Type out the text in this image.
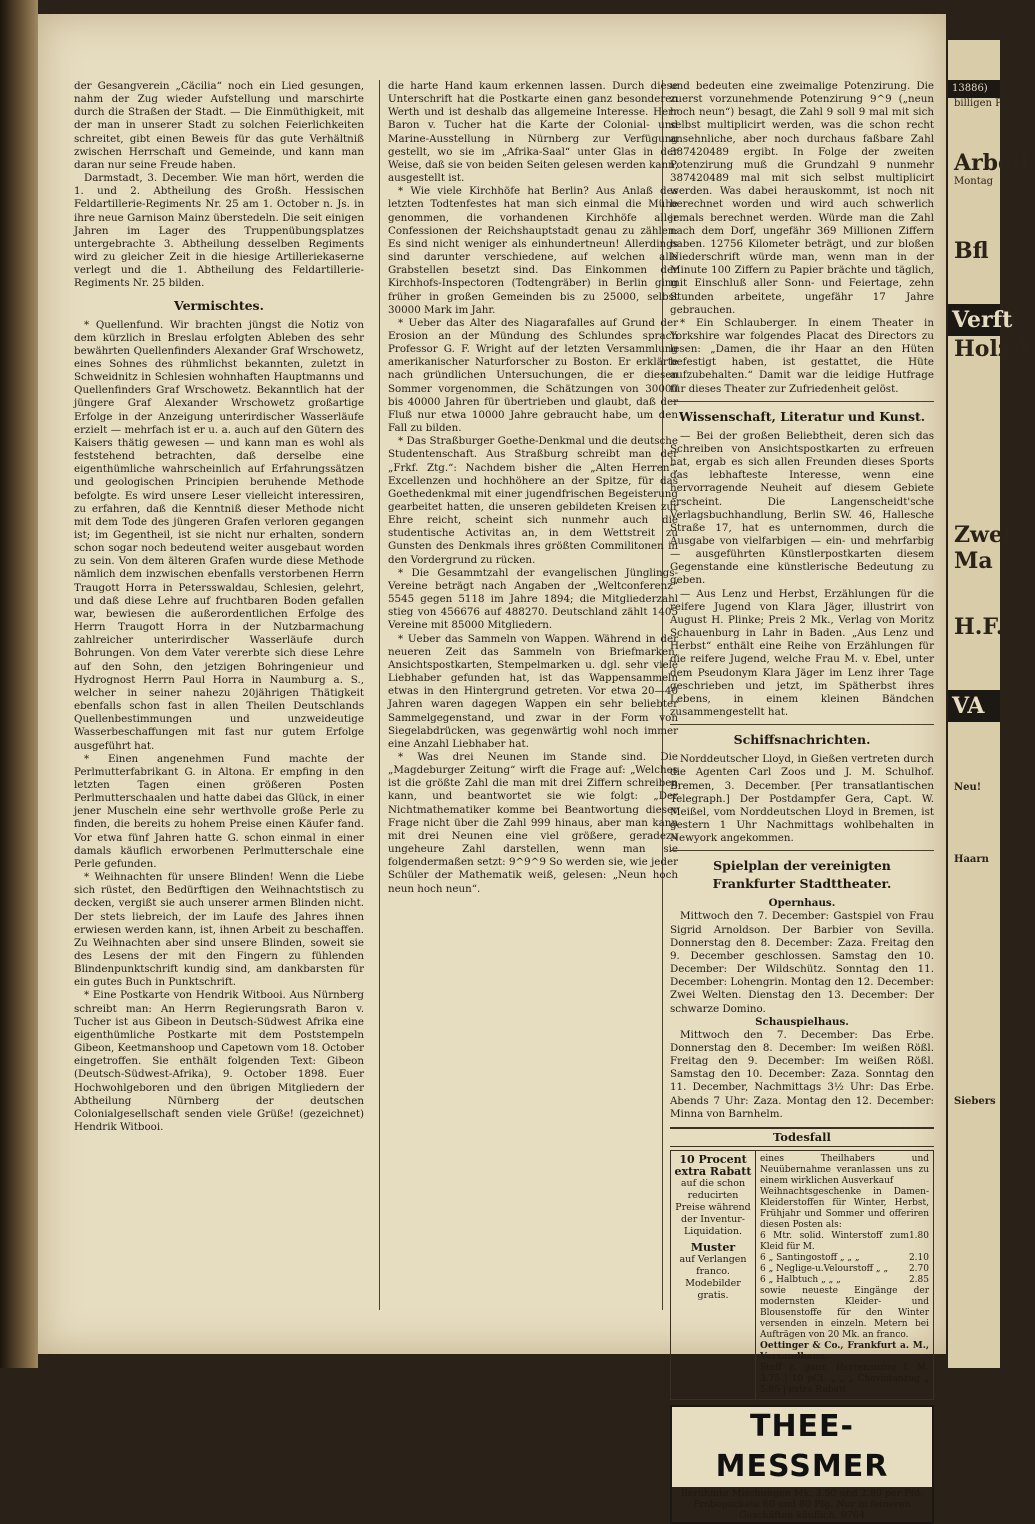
der Gesangverein „Cäcilia“ noch ein Lied gesungen, nahm der Zug wieder Aufstellung und marschirte durch die Straßen der Stadt. — Die Einmüthigkeit, mit der man in unserer Stadt zu solchen Feierlichkeiten schreitet, gibt einen Beweis für das gute Verhältniß zwischen Herrschaft und Gemeinde, und kann man daran nur seine Freude haben.

Darmstadt, 3. December. Wie man hört, werden die 1. und 2. Abtheilung des Großh. Hessischen Feldartillerie-Regiments Nr. 25 am 1. October n. Js. in ihre neue Garnison Mainz überstedeln. Die seit einigen Jahren im Lager des Truppenübungsplatzes untergebrachte 3. Abtheilung desselben Regiments wird zu gleicher Zeit in die hiesige Artilleriekaserne verlegt und die 1. Abtheilung des Feldartillerie-Regiments Nr. 25 bilden.

Vermischtes.

* Quellenfund. Wir brachten jüngst die Notiz von dem kürzlich in Breslau erfolgten Ableben des sehr bewährten Quellenfinders Alexander Graf Wrschowetz, eines Sohnes des rühmlichst bekannten, zuletzt in Schweidnitz in Schlesien wohnhaften Hauptmanns und Quellenfinders Graf Wrschowetz. Bekanntlich hat der jüngere Graf Alexander Wrschowetz großartige Erfolge in der Anzeigung unterirdischer Wasserläufe erzielt — mehrfach ist er u. a. auch auf den Gütern des Kaisers thätig gewesen — und kann man es wohl als feststehend betrachten, daß derselbe eine eigenthümliche wahrscheinlich auf Erfahrungssätzen und geologischen Principien beruhende Methode befolgte. Es wird unsere Leser vielleicht interessiren, zu erfahren, daß die Kenntniß dieser Methode nicht mit dem Tode des jüngeren Grafen verloren gegangen ist; im Gegentheil, ist sie nicht nur erhalten, sondern schon sogar noch bedeutend weiter ausgebaut worden zu sein. Von dem älteren Grafen wurde diese Methode nämlich dem inzwischen ebenfalls verstorbenen Herrn Traugott Horra in Petersswaldau, Schlesien, gelehrt, und daß diese Lehre auf fruchtbaren Boden gefallen war, bewiesen die außerordentlichen Erfolge des Herrn Traugott Horra in der Nutzbarmachung zahlreicher unterirdischer Wasserläufe durch Bohrungen. Von dem Vater vererbte sich diese Lehre auf den Sohn, den jetzigen Bohringenieur und Hydrognost Herrn Paul Horra in Naumburg a. S., welcher in seiner nahezu 20jährigen Thätigkeit ebenfalls schon fast in allen Theilen Deutschlands Quellenbestimmungen und unzweideutige Wasserbeschaffungen mit fast nur gutem Erfolge ausgeführt hat.

* Einen angenehmen Fund machte der Perlmutterfabrikant G. in Altona. Er empfing in den letzten Tagen einen größeren Posten Perlmutterschaalen und hatte dabei das Glück, in einer jener Muscheln eine sehr werthvolle große Perle zu finden, die bereits zu hohem Preise einen Käufer fand. Vor etwa fünf Jahren hatte G. schon einmal in einer damals käuflich erworbenen Perlmutterschale eine Perle gefunden.

* Weihnachten für unsere Blinden! Wenn die Liebe sich rüstet, den Bedürftigen den Weihnachtstisch zu decken, vergißt sie auch unserer armen Blinden nicht. Der stets liebreich, der im Laufe des Jahres ihnen erwiesen werden kann, ist, ihnen Arbeit zu beschaffen. Zu Weihnachten aber sind unsere Blinden, soweit sie des Lesens der mit den Fingern zu fühlenden Blindenpunktschrift kundig sind, am dankbarsten für ein gutes Buch in Punktschrift.

* Eine Postkarte von Hendrik Witbooi. Aus Nürnberg schreibt man: An Herrn Regierungsrath Baron v. Tucher ist aus Gibeon in Deutsch-Südwest Afrika eine eigenthümliche Postkarte mit dem Poststempeln Gibeon, Keetmanshoop und Capetown vom 18. October eingetroffen. Sie enthält folgenden Text: Gibeon (Deutsch-Südwest-Afrika), 9. October 1898. Euer Hochwohlgeboren und den übrigen Mitgliedern der Abtheilung Nürnberg der deutschen Colonialgesellschaft senden viele Grüße! (gezeichnet) Hendrik Witbooi.

die harte Hand kaum erkennen lassen. Durch diese Unterschrift hat die Postkarte einen ganz besonderen Werth und ist deshalb das allgemeine Interesse. Herr Baron v. Tucher hat die Karte der Colonial- und Marine-Ausstellung in Nürnberg zur Verfügung gestellt, wo sie im „Afrika-Saal“ unter Glas in der Weise, daß sie von beiden Seiten gelesen werden kann, ausgestellt ist.

* Wie viele Kirchhöfe hat Berlin? Aus Anlaß des letzten Todtenfestes hat man sich einmal die Mühe genommen, die vorhandenen Kirchhöfe aller Confessionen der Reichshauptstadt genau zu zählen: Es sind nicht weniger als einhundertneun! Allerdings sind darunter verschiedene, auf welchen alle Grabstellen besetzt sind. Das Einkommen der Kirchhofs-Inspectoren (Todtengräber) in Berlin ging früher in großen Gemeinden bis zu 25000, selbst 30000 Mark im Jahr.

* Ueber das Alter des Niagarafalles auf Grund der Erosion an der Mündung des Schlundes sprach Professor G. F. Wright auf der letzten Versammlung amerikanischer Naturforscher zu Boston. Er erklärte nach gründlichen Untersuchungen, die er diesen Sommer vorgenommen, die Schätzungen von 30000 bis 40000 Jahren für übertrieben und glaubt, daß der Fluß nur etwa 10000 Jahre gebraucht habe, um den Fall zu bilden.

* Das Straßburger Goethe-Denkmal und die deutsche Studentenschaft. Aus Straßburg schreibt man der „Frkf. Ztg.“: Nachdem bisher die „Alten Herren“, Excellenzen und hochhöhere an der Spitze, für das Goethedenkmal mit einer jugendfrischen Begeisterung gearbeitet hatten, die unseren gebildeten Kreisen zur Ehre reicht, scheint sich nunmehr auch die studentische Activitas an, in dem Wettstreit zu Gunsten des Denkmals ihres größten Commilitonen in den Vordergrund zu rücken.

* Die Gesammtzahl der evangelischen Jünglings-Vereine beträgt nach Angaben der „Weltconferenz“ 5545 gegen 5118 im Jahre 1894; die Mitgliederzahl stieg von 456676 auf 488270. Deutschland zählt 1405 Vereine mit 85000 Mitgliedern.

* Ueber das Sammeln von Wappen. Während in der neueren Zeit das Sammeln von Briefmarken, Ansichtspostkarten, Stempelmarken u. dgl. sehr viele Liebhaber gefunden hat, ist das Wappensammeln etwas in den Hintergrund getreten. Vor etwa 20—40 Jahren waren dagegen Wappen ein sehr beliebter Sammelgegenstand, und zwar in der Form von Siegelabdrücken, was gegenwärtig wohl noch immer eine Anzahl Liebhaber hat.

* Was drei Neunen im Stande sind. Die „Magdeburger Zeitung“ wirft die Frage auf: „Welches ist die größte Zahl die man mit drei Ziffern schreiben kann, und beantwortet sie wie folgt: „Der Nichtmathematiker komme bei Beantwortung dieser Frage nicht über die Zahl 999 hinaus, aber man kann mit drei Neunen eine viel größere, geradezu ungeheure Zahl darstellen, wenn man sie folgendermaßen setzt: 9^9^9 So werden sie, wie jeder Schüler der Mathematik weiß, gelesen: „Neun hoch neun hoch neun“.

und bedeuten eine zweimalige Potenzirung. Die zuerst vorzunehmende Potenzirung 9^9 („neun hoch neun“) besagt, die Zahl 9 soll 9 mal mit sich selbst multiplicirt werden, was die schon recht ansehnliche, aber noch durchaus faßbare Zahl 387420489 ergibt. In Folge der zweiten Potenzirung muß die Grundzahl 9 nunmehr 387420489 mal mit sich selbst multiplicirt werden. Was dabei herauskommt, ist noch nit berechnet worden und wird auch schwerlich jemals berechnet werden. Würde man die Zahl nach dem Dorf, ungefähr 369 Millionen Ziffern haben. 12756 Kilometer beträgt, und zur bloßen Niederschrift würde man, wenn man in der Minute 100 Ziffern zu Papier brächte und täglich, mit Einschluß aller Sonn- und Feiertage, zehn Stunden arbeitete, ungefähr 17 Jahre gebrauchen.

* Ein Schlauberger. In einem Theater in Yorkshire war folgendes Placat des Directors zu lesen: „Damen, die ihr Haar an den Hüten befestigt haben, ist gestattet, die Hüte aufzubehalten.“ Damit war die leidige Hutfrage für dieses Theater zur Zufriedenheit gelöst.

Wissenschaft, Literatur und Kunst.

— Bei der großen Beliebtheit, deren sich das Schreiben von Ansichtspostkarten zu erfreuen hat, ergab es sich allen Freunden dieses Sports das lebhafteste Interesse, wenn eine hervorragende Neuheit auf diesem Gebiete erscheint. Die Langenscheidt'sche Verlagsbuchhandlung, Berlin SW. 46, Hallesche Straße 17, hat es unternommen, durch die Ausgabe von vielfarbigen — ein- und mehrfarbig — ausgeführten Künstlerpostkarten diesem Gegenstande eine künstlerische Bedeutung zu geben.

— Aus Lenz und Herbst, Erzählungen für die reifere Jugend von Klara Jäger, illustrirt von August H. Plinke; Preis 2 Mk., Verlag von Moritz Schauenburg in Lahr in Baden. „Aus Lenz und Herbst“ enthält eine Reihe von Erzählungen für die reifere Jugend, welche Frau M. v. Ebel, unter dem Pseudonym Klara Jäger im Lenz ihrer Tage geschrieben und jetzt, im Spätherbst ihres Lebens, in einem kleinen Bändchen zusammengestellt hat.

Schiffsnachrichten.

Norddeutscher Lloyd, in Gießen vertreten durch die Agenten Carl Zoos und J. M. Schulhof. Bremen, 3. December. [Per transatlantischen Telegraph.] Der Postdampfer Gera, Capt. W. Meißel, vom Norddeutschen Lloyd in Bremen, ist gestern 1 Uhr Nachmittags wohlbehalten in Newyork angekommen.

Spielplan der vereinigten Frankfurter Stadttheater.
Opernhaus.

Mittwoch den 7. December: Gastspiel von Frau Sigrid Arnoldson. Der Barbier von Sevilla. Donnerstag den 8. December: Zaza. Freitag den 9. December geschlossen. Samstag den 10. December: Der Wildschütz. Sonntag den 11. December: Lohengrin. Montag den 12. December: Zwei Welten. Dienstag den 13. December: Der schwarze Domino.

Schauspielhaus.

Mittwoch den 7. December: Das Erbe. Donnerstag den 8. December: Im weißen Rößl. Freitag den 9. December: Im weißen Rößl. Samstag den 10. December: Zaza. Sonntag den 11. December, Nachmittags 3½ Uhr: Das Erbe. Abends 7 Uhr: Zaza. Montag den 12. December: Minna von Barnhelm.

Todesfall
10 Procent
extra Rabatt
auf die schon reducirten Preise während der Inventur-Liquidation.
Muster
auf Verlangen franco.
Modebilder gratis.
eines Theilhabers und Neuübernahme veranlassen uns zu einem wirklichen Ausverkauf
Weihnachtsgeschenke in Damen-Kleiderstoffen für Winter, Herbst, Frühjahr und Sommer und offeriren diesen Posten als:
6 Mtr. solid. Winterstoff zum Kleid für M.
1.80
6 „ Santingostoff „ „ „	2.10
6 „ Neglige-u.Velourstoff „ „ 2.70
6 „ Halbtuch „ „ „	2.85
sowie neueste Eingänge der modernsten Kleider- und Blousenstoffe für den Winter versenden in einzeln. Metern bei Aufträgen von 20 Mk. an franco.
Oettinger & Co., Frankfurt a. M., Versandhaus.
Stoff z. ganz. Herrenanzug f. M. 3.75 | 10 pCt. „ „ „ Cheviotanzug „ 5.85 | extra Rabatt
THEE-MESSMER
Berühmte Mischungen Mk. 3.50 und 2.80 per Pfd. Probepackete 60 und 80 Pfg. Nur in feineren Geschäften käuflich. 9764
13886)
billigen Pf
Arbeit
Montag
Bfl
Verft
Holz-V
Zwei
Ma
H.F.
VA
Neu!
Haarn
Siebers
